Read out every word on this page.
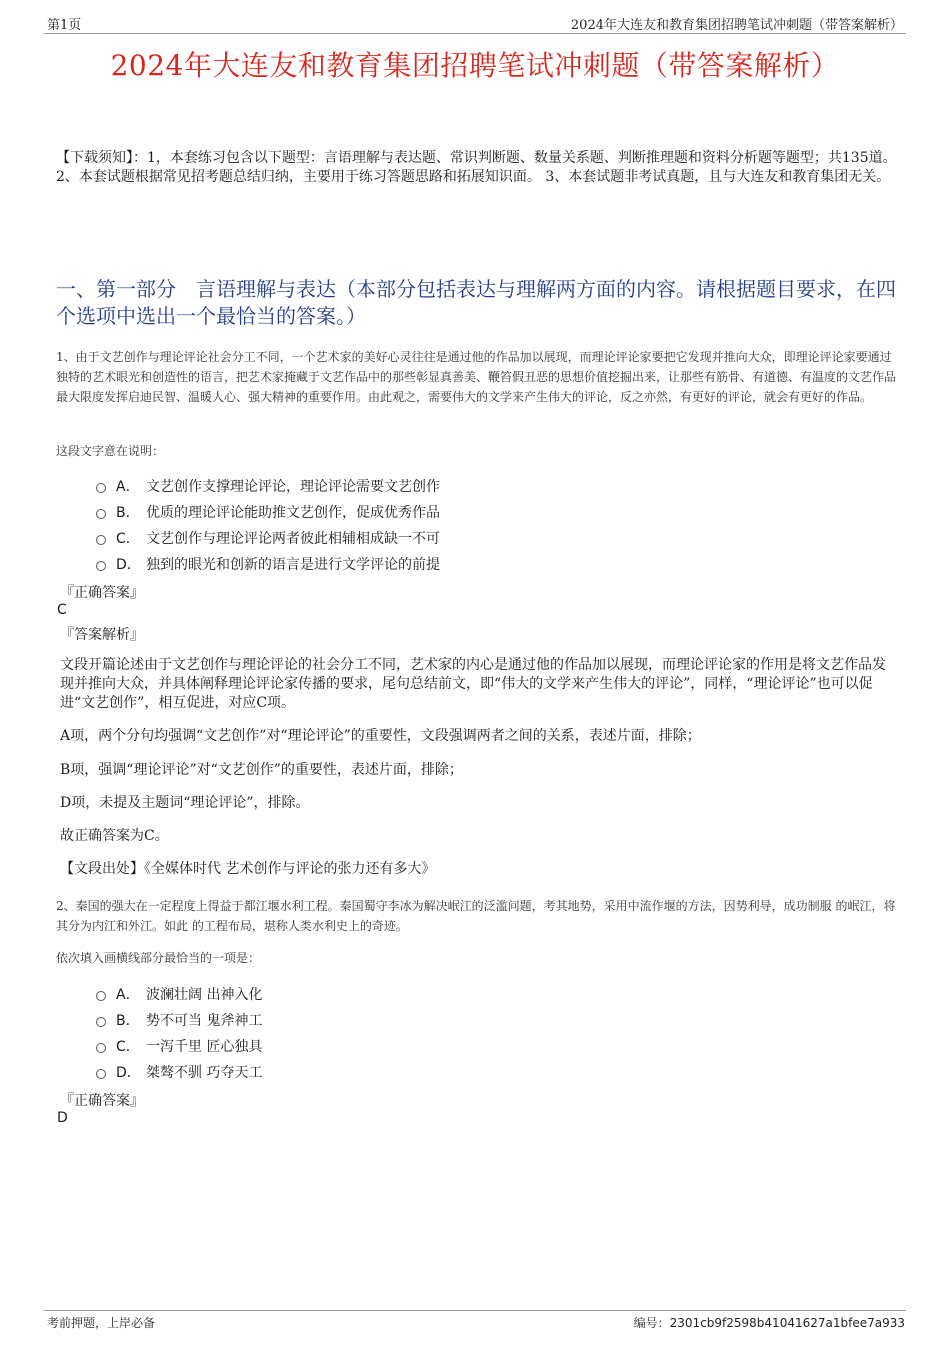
第1页	2024年大连友和教育集团招聘笔试冲刺题（带答案解析）
2024年大连友和教育集团招聘笔试冲刺题（带答案解析）
【下载须知】：1，本套练习包含以下题型：言语理解与表达题、常识判断题、数量关系题、判断推理题和资料分析题等题型；共135道。 2、本套试题根据常见招考题总结归纳，主要用于练习答题思路和拓展知识面。 3、本套试题非考试真题，且与大连友和教育集团无关。
一、第一部分　言语理解与表达（本部分包括表达与理解两方面的内容。请根据题目要求，在四个选项中选出一个最恰当的答案。）
1、由于文艺创作与理论评论社会分工不同，一个艺术家的美好心灵往往是通过他的作品加以展现，而理论评论家要把它发现并推向大众，即理论评论家要通过独特的艺术眼光和创造性的语言，把艺术家掩藏于文艺作品中的那些彰显真善美、鞭笞假丑恶的思想价值挖掘出来，让那些有筋骨、有道德、有温度的文艺作品最大限度发挥启迪民智、温暖人心、强大精神的重要作用。由此观之，需要伟大的文学来产生伟大的评论，反之亦然，有更好的评论，就会有更好的作品。
这段文字意在说明：
A． 文艺创作支撑理论评论，理论评论需要文艺创作
B． 优质的理论评论能助推文艺创作，促成优秀作品
C． 文艺创作与理论评论两者彼此相辅相成缺一不可
D． 独到的眼光和创新的语言是进行文学评论的前提
『正确答案』
C
『答案解析』
文段开篇论述由于文艺创作与理论评论的社会分工不同，艺术家的内心是通过他的作品加以展现，而理论评论家的作用是将文艺作品发现并推向大众，并具体阐释理论评论家传播的要求，尾句总结前文，即“伟大的文学来产生伟大的评论”，同样，“理论评论”也可以促进“文艺创作”，相互促进，对应C项。
A项，两个分句均强调“文艺创作”对“理论评论”的重要性，文段强调两者之间的关系，表述片面，排除；
B项，强调“理论评论”对“文艺创作”的重要性，表述片面，排除；
D项，未提及主题词“理论评论”，排除。
故正确答案为C。
【文段出处】《全媒体时代 艺术创作与评论的张力还有多大》
2、秦国的强大在一定程度上得益于都江堰水利工程。秦国蜀守李冰为解决岷江的泛滥问题，考其地势，采用中流作堰的方法，因势利导，成功制服 的岷江，将其分为内江和外江。如此 的工程布局，堪称人类水利史上的奇迹。
依次填入画横线部分最恰当的一项是：
A． 波澜壮阔 出神入化
B． 势不可当 鬼斧神工
C． 一泻千里 匠心独具
D． 桀骜不驯 巧夺天工
『正确答案』
D
考前押题，上岸必备	编号：2301cb9f2598b41041627a1bfee7a933
